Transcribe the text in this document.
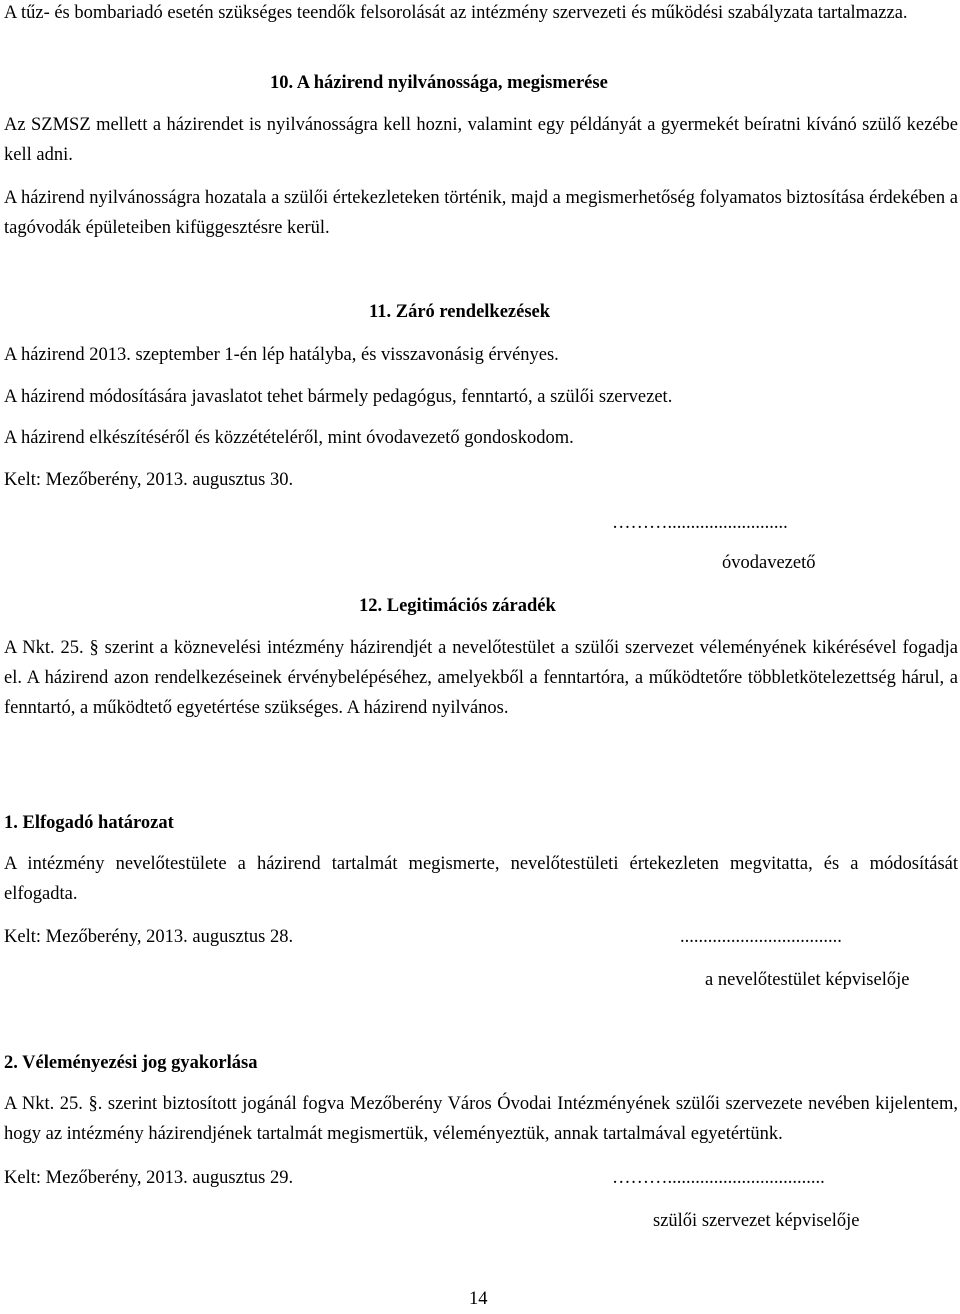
A tűz- és bombariadó esetén szükséges teendők felsorolását az intézmény szervezeti és működési szabályzata tartalmazza.

10. A házirend nyilvánossága, megismerése

Az SZMSZ mellett a házirendet is nyilvánosságra kell hozni, valamint egy példányát a gyermekét beíratni kívánó szülő kezébe kell adni.

A házirend nyilvánosságra hozatala a szülői értekezleteken történik, majd a megismerhetőség folyamatos biztosítása érdekében a tagóvodák épületeiben kifüggesztésre kerül.

11. Záró rendelkezések
A házirend 2013. szeptember 1-én lép hatályba, és visszavonásig érvényes.
A házirend módosítására javaslatot tehet bármely pedagógus, fenntartó, a szülői szervezet.
A házirend elkészítéséről és közzétételéről, mint óvodavezető gondoskodom.
Kelt: Mezőberény, 2013. augusztus 30.
………..........................
óvodavezető
12. Legitimációs záradék

A Nkt. 25. § szerint a köznevelési intézmény házirendjét a nevelőtestület a szülői szervezet véleményének kikérésével fogadja el. A házirend azon rendelkezéseinek érvénybelépéséhez, amelyekből a fenntartóra, a működtetőre többletkötelezettség hárul, a fenntartó, a működtető egyetértése szükséges. A házirend nyilvános.

1. Elfogadó határozat

A intézmény nevelőtestülete a házirend tartalmát megismerte, nevelőtestületi értekezleten megvitatta, és a módosítását elfogadta.

Kelt: Mezőberény, 2013. augusztus 28.	...................................
a nevelőtestület képviselője
2. Véleményezési jog gyakorlása

A Nkt. 25. §. szerint biztosított jogánál fogva Mezőberény Város Óvodai Intézményének szülői szervezete nevében kijelentem, hogy az intézmény házirendjének tartalmát megismertük, véleményeztük, annak tartalmával egyetértünk.

Kelt: Mezőberény, 2013. augusztus 29.	………..................................
szülői szervezet képviselője
14
